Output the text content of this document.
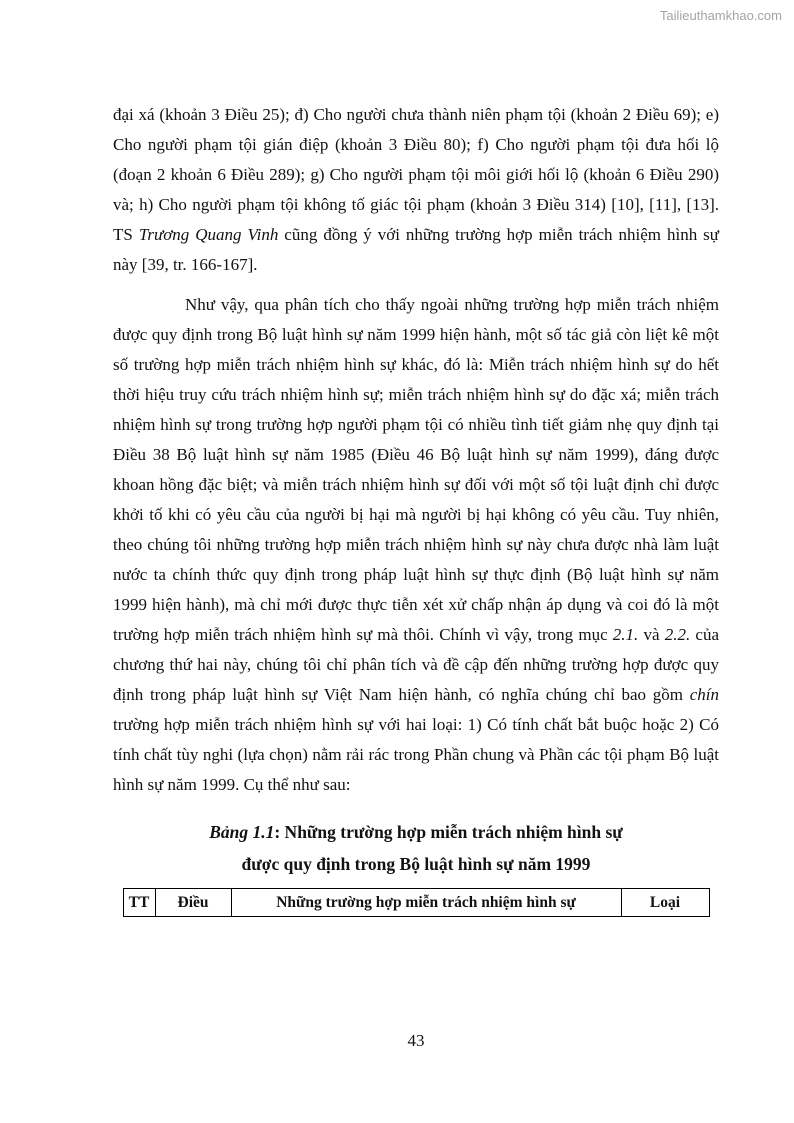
Tailieuthamkhao.com

đại xá (khoản 3 Điều 25); đ) Cho người chưa thành niên phạm tội (khoản 2 Điều 69); e) Cho người phạm tội gián điệp (khoản 3 Điều 80); f) Cho người phạm tội đưa hối lộ (đoạn 2 khoản 6 Điều 289); g) Cho người phạm tội môi giới hối lộ (khoản 6 Điều 290) và; h) Cho người phạm tội không tố giác tội phạm (khoản 3 Điều 314) [10], [11], [13]. TS Trương Quang Vinh cũng đồng ý với những trường hợp miễn trách nhiệm hình sự này [39, tr. 166-167].

Như vậy, qua phân tích cho thấy ngoài những trường hợp miễn trách nhiệm được quy định trong Bộ luật hình sự năm 1999 hiện hành, một số tác giả còn liệt kê một số trường hợp miễn trách nhiệm hình sự khác, đó là: Miễn trách nhiệm hình sự do hết thời hiệu truy cứu trách nhiệm hình sự; miễn trách nhiệm hình sự do đặc xá; miễn trách nhiệm hình sự trong trường hợp người phạm tội có nhiều tình tiết giảm nhẹ quy định tại Điều 38 Bộ luật hình sự năm 1985 (Điều 46 Bộ luật hình sự năm 1999), đáng được khoan hồng đặc biệt; và miễn trách nhiệm hình sự đối với một số tội luật định chỉ được khởi tố khi có yêu cầu của người bị hại mà người bị hại không có yêu cầu. Tuy nhiên, theo chúng tôi những trường hợp miễn trách nhiệm hình sự này chưa được nhà làm luật nước ta chính thức quy định trong pháp luật hình sự thực định (Bộ luật hình sự năm 1999 hiện hành), mà chỉ mới được thực tiễn xét xử chấp nhận áp dụng và coi đó là một trường hợp miễn trách nhiệm hình sự mà thôi. Chính vì vậy, trong mục 2.1. và 2.2. của chương thứ hai này, chúng tôi chỉ phân tích và đề cập đến những trường hợp được quy định trong pháp luật hình sự Việt Nam hiện hành, có nghĩa chúng chỉ bao gồm chín trường hợp miễn trách nhiệm hình sự với hai loại: 1) Có tính chất bắt buộc hoặc 2) Có tính chất tùy nghi (lựa chọn) nằm rải rác trong Phần chung và Phần các tội phạm Bộ luật hình sự năm 1999. Cụ thể như sau:

Bảng 1.1: Những trường hợp miễn trách nhiệm hình sự
được quy định trong Bộ luật hình sự năm 1999
TT	Điều	Những trường hợp miễn trách nhiệm hình sự	Loại
43
